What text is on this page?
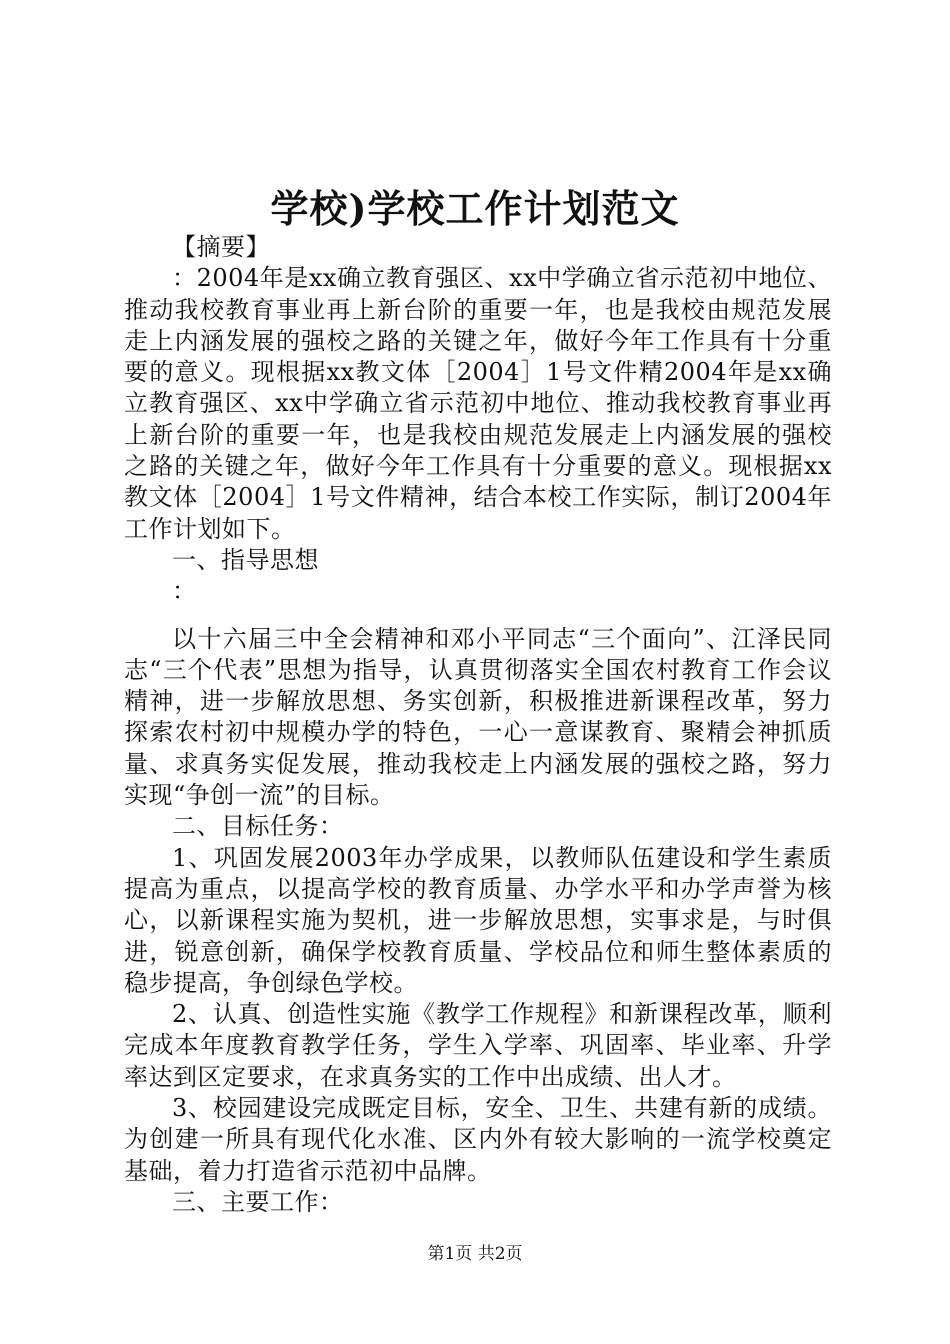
学校)学校工作计划范文

【摘要】

：2004年是xx确立教育强区、xx中学确立省示范初中地位、推动我校教育事业再上新台阶的重要一年，也是我校由规范发展走上内涵发展的强校之路的关键之年，做好今年工作具有十分重要的意义。现根据xx教文体［2004］1号文件精2004年是xx确立教育强区、xx中学确立省示范初中地位、推动我校教育事业再上新台阶的重要一年，也是我校由规范发展走上内涵发展的强校之路的关键之年，做好今年工作具有十分重要的意义。现根据xx教文体［2004］1号文件精神，结合本校工作实际，制订2004年工作计划如下。

一、指导思想

：

以十六届三中全会精神和邓小平同志“三个面向”、江泽民同志“三个代表”思想为指导，认真贯彻落实全国农村教育工作会议精神，进一步解放思想、务实创新，积极推进新课程改革，努力探索农村初中规模办学的特色，一心一意谋教育、聚精会神抓质量、求真务实促发展，推动我校走上内涵发展的强校之路，努力实现“争创一流”的目标。

二、目标任务：

1、巩固发展2003年办学成果，以教师队伍建设和学生素质提高为重点，以提高学校的教育质量、办学水平和办学声誉为核心，以新课程实施为契机，进一步解放思想，实事求是，与时俱进，锐意创新，确保学校教育质量、学校品位和师生整体素质的稳步提高，争创绿色学校。

2、认真、创造性实施《教学工作规程》和新课程改革，顺利完成本年度教育教学任务，学生入学率、巩固率、毕业率、升学率达到区定要求，在求真务实的工作中出成绩、出人才。

3、校园建设完成既定目标，安全、卫生、共建有新的成绩。为创建一所具有现代化水准、区内外有较大影响的一流学校奠定基础，着力打造省示范初中品牌。

三、主要工作：

第1页 共2页
